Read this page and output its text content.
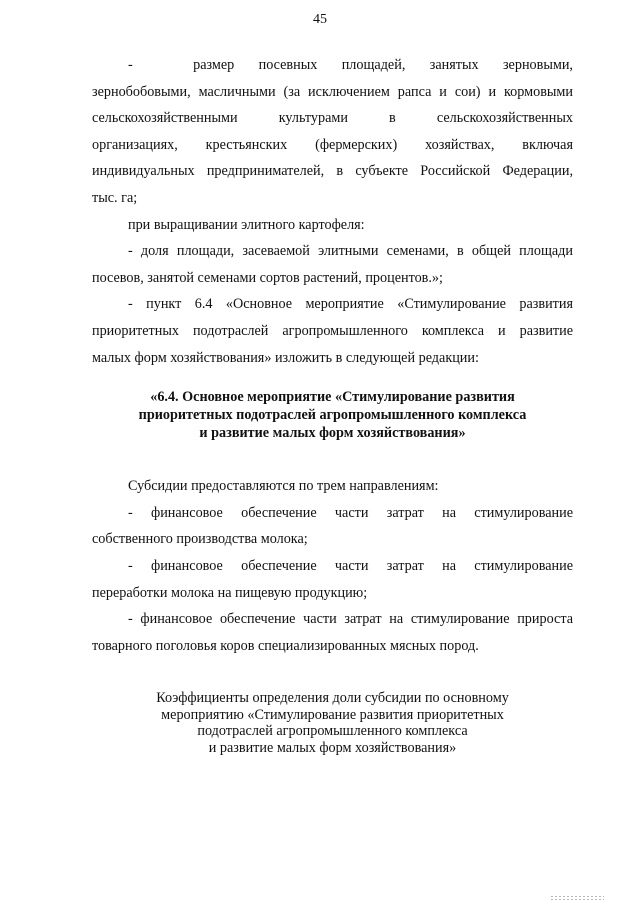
45
-	размер посевных площадей, занятых зерновыми,

зернобобовыми, масличными (за исключением рапса и сои) и кормовыми

сельскохозяйственными культурами в сельскохозяйственных

организациях, крестьянских (фермерских) хозяйствах, включая

индивидуальных предпринимателей, в субъекте Российской Федерации,

тыс. га;

при выращивании элитного картофеля:

- доля площади, засеваемой элитными семенами, в общей площади

посевов, занятой семенами сортов растений, процентов.»;

- пункт 6.4 «Основное мероприятие «Стимулирование развития

приоритетных подотраслей агропромышленного комплекса и развитие

малых форм хозяйствования» изложить в следующей редакции:

«6.4. Основное мероприятие «Стимулирование развития

приоритетных подотраслей агропромышленного комплекса

и развитие малых форм хозяйствования»

Субсидии предоставляются по трем направлениям:

- финансовое обеспечение части затрат на стимулирование

собственного производства молока;

- финансовое обеспечение части затрат на стимулирование

переработки молока на пищевую продукцию;

- финансовое обеспечение части затрат на стимулирование прироста

товарного поголовья коров специализированных мясных пород.

Коэффициенты определения доли субсидии по основному

мероприятию «Стимулирование развития приоритетных

подотраслей агропромышленного комплекса

и развитие малых форм хозяйствования»
